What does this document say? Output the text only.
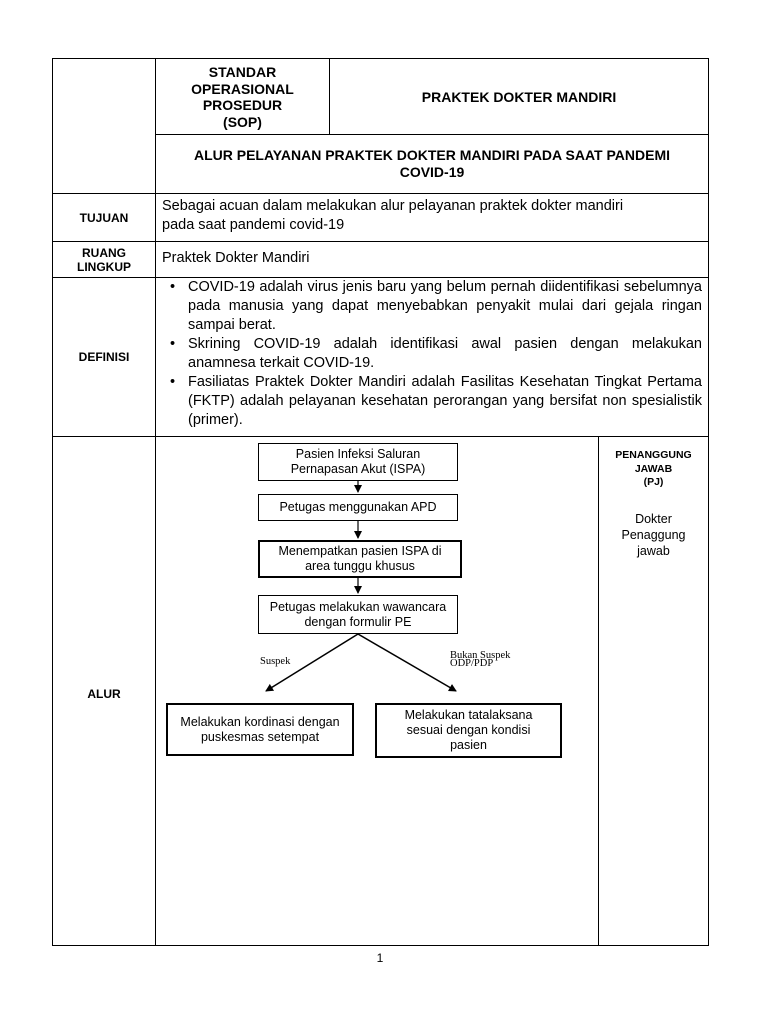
STANDAR
OPERASIONAL
PROSEDUR
(SOP)
PRAKTEK DOKTER MANDIRI
ALUR PELAYANAN PRAKTEK DOKTER MANDIRI PADA SAAT PANDEMI
COVID-19
TUJUAN
Sebagai acuan dalam melakukan alur pelayanan praktek dokter mandiri
pada saat pandemi covid-19
RUANG
LINGKUP
Praktek Dokter Mandiri
DEFINISI
• COVID-19 adalah virus jenis baru yang belum pernah diidentifikasi sebelumnya pada manusia yang dapat menyebabkan penyakit mulai dari gejala ringan sampai berat.
• Skrining COVID-19 adalah identifikasi awal pasien dengan melakukan anamnesa terkait COVID-19.
• Fasiliatas Praktek Dokter Mandiri adalah Fasilitas Kesehatan Tingkat Pertama (FKTP) adalah pelayanan kesehatan perorangan yang bersifat non spesialistik (primer).
ALUR
Pasien Infeksi Saluran
Pernapasan Akut (ISPA)
Petugas menggunakan APD
Menempatkan pasien ISPA di
area tunggu khusus
Petugas melakukan wawancara
dengan formulir PE
Suspek
Bukan Suspek
ODP/PDP
Melakukan kordinasi dengan
puskesmas setempat
Melakukan tatalaksana
sesuai dengan kondisi
pasien
PENANGGUNG
JAWAB
(PJ)
Dokter
Penaggung
jawab
1
